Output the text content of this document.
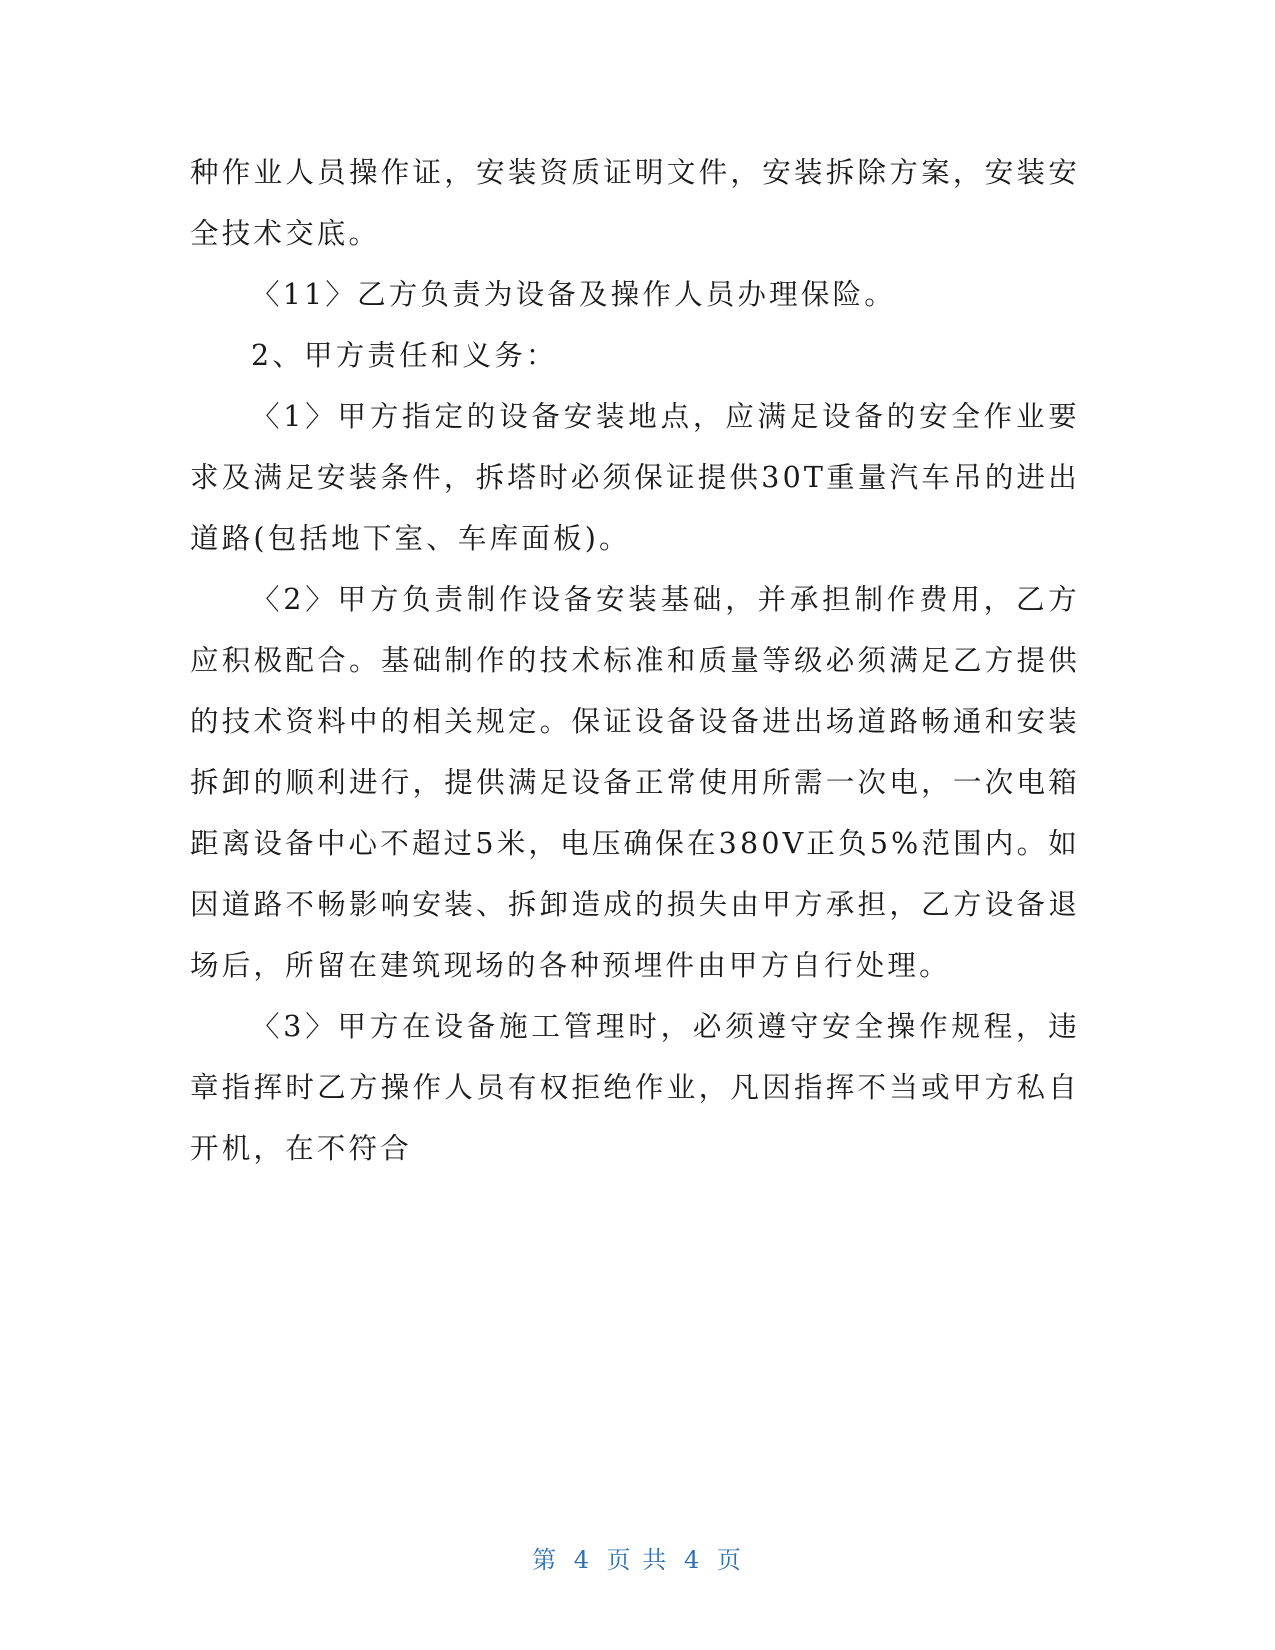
种作业人员操作证，安装资质证明文件，安装拆除方案，安装安全技术交底。

〈11〉乙方负责为设备及操作人员办理保险。

2、甲方责任和义务：

〈1〉甲方指定的设备安装地点，应满足设备的安全作业要求及满足安装条件，拆塔时必须保证提供30T重量汽车吊的进出道路(包括地下室、车库面板)。

〈2〉甲方负责制作设备安装基础，并承担制作费用，乙方应积极配合。基础制作的技术标准和质量等级必须满足乙方提供的技术资料中的相关规定。保证设备设备进出场道路畅通和安装拆卸的顺利进行，提供满足设备正常使用所需一次电，一次电箱距离设备中心不超过5米，电压确保在380V正负5%范围内。如因道路不畅影响安装、拆卸造成的损失由甲方承担，乙方设备退场后，所留在建筑现场的各种预埋件由甲方自行处理。

〈3〉甲方在设备施工管理时，必须遵守安全操作规程，违章指挥时乙方操作人员有权拒绝作业，凡因指挥不当或甲方私自开机，在不符合

第 4 页 共 4 页
